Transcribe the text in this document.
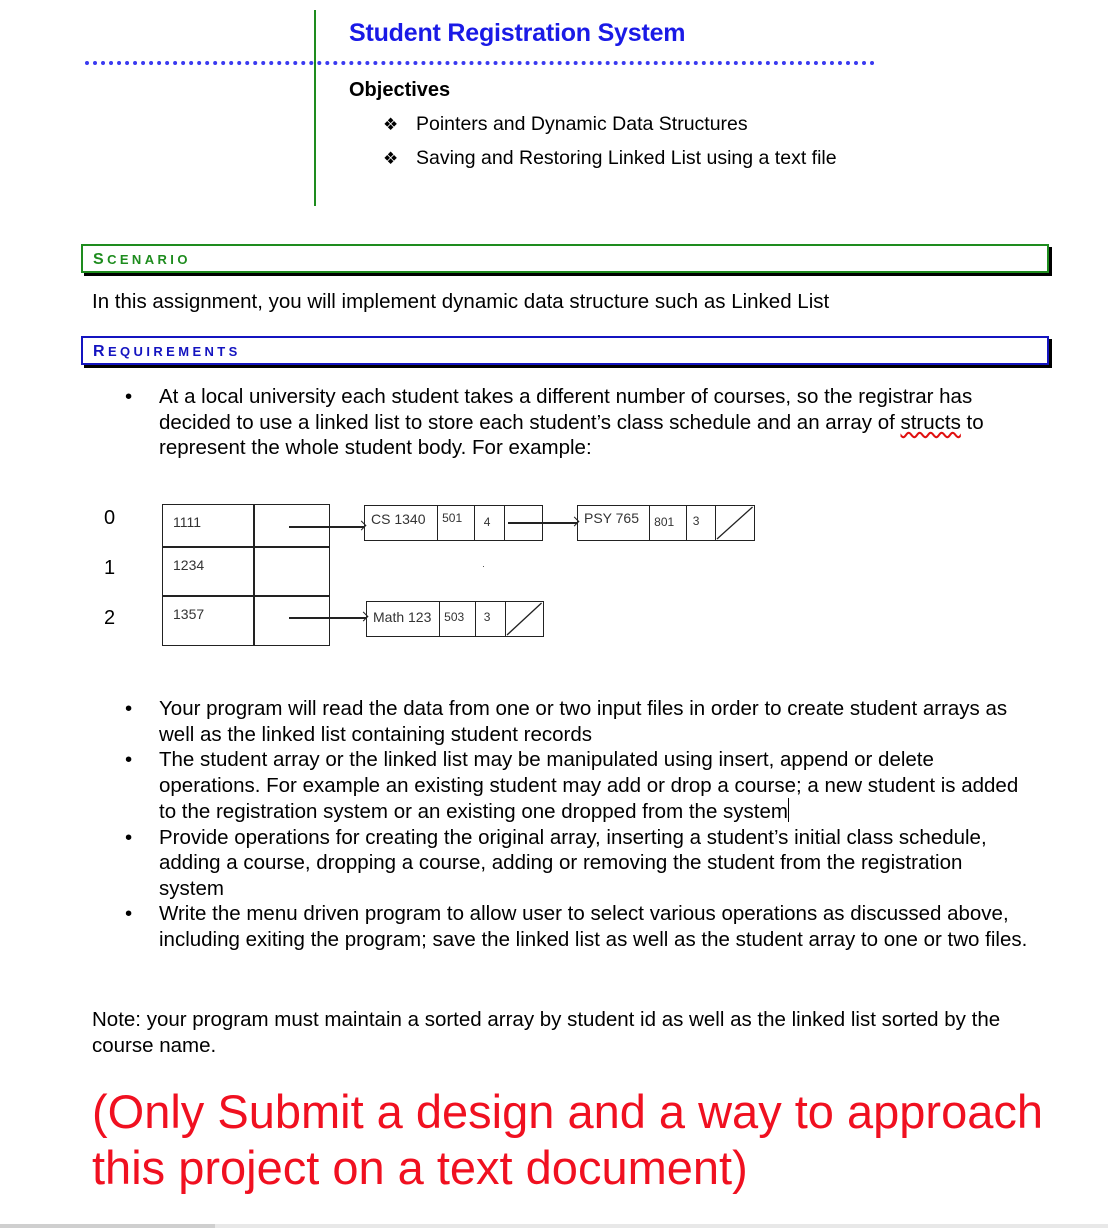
Student Registration System
Objectives
❖ Pointers and Dynamic Data Structures
❖ Saving and Restoring Linked List using a text file
SCENARIO
In this assignment, you will implement dynamic data structure such as Linked List
REQUIREMENTS
• At a local university each student takes a different number of courses, so the registrar has decided to use a linked list to store each student’s class schedule and an array of structs to represent the whole student body. For example:
0
1
2
1111
1234
1357
CS 1340	501	4	PSY 765	801	3
Math 123	503	3
• Your program will read the data from one or two input files in order to create student arrays as well as the linked list containing student records
• The student array or the linked list may be manipulated using insert, append or delete operations. For example an existing student may add or drop a course; a new student is added to the registration system or an existing one dropped from the system
• Provide operations for creating the original array, inserting a student’s initial class schedule, adding a course, dropping a course, adding or removing the student from the registration system
• Write the menu driven program to allow user to select various operations as discussed above, including exiting the program; save the linked list as well as the student array to one or two files.
Note: your program must maintain a sorted array by student id as well as the linked list sorted by the course name.
(Only Submit a design and a way to approach this project on a text document)
